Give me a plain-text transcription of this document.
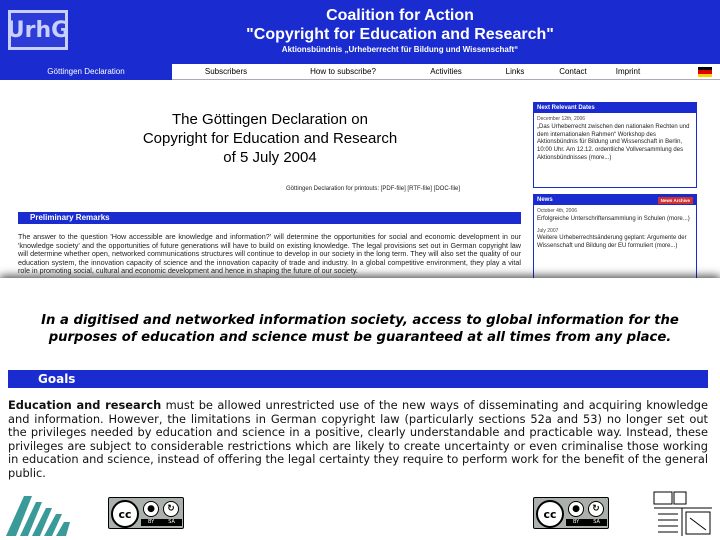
UrhG
Coalition for Action
"Copyright for Education and Research"
Aktionsbündnis „Urheberrecht für Bildung und Wissenschaft“
Göttingen Declaration	Subscribers	How to subscribe?	Activities	Links	Contact	Imprint
The Göttingen Declaration on
Copyright for Education and Research
of 5 July 2004
Göttingen Declaration for printouts: [PDF-file] [RTF-file] [DOC-file]
Preliminary Remarks
The answer to the question 'How accessible are knowledge and information?' will determine the opportunities for social and economic development in our 'knowledge society' and the opportunities of future generations will have to build on existing knowledge. The legal provisions set out in German copyright law will determine whether open, networked communications structures will continue to develop in our society in the long term. They will also set the quality of our education system, the innovation capacity of science and the innovation capacity of trade and industry. In a global competitive environment, they play a vital role in promoting social, cultural and economic development and hence in shaping the future of our society.
Next Relevant Dates
December 12th, 2006
„Das Urheberrecht zwischen den nationalen Rechten und dem internationalen Rahmen“ Workshop des Aktionsbündnis für Bildung und Wissenschaft in Berlin, 10:00 Uhr. Am 12.12. ordentliche Vollversammlung des Aktionsbündnisses (more...)
News	News Archive
October 4th, 2006
Erfolgreiche Unterschriftensammlung in Schulen (more...)
July 2007
Weitere Urheberrechtsänderung geplant: Argumente der Wissenschaft und Bildung der EU formuliert (more...)
In a digitised and networked information society, access to global information for the
purposes of education and science must be guaranteed at all times from any place.
Goals
Education and research must be allowed unrestricted use of the new ways of disseminating and acquiring knowledge and information. However, the limitations in German copyright law (particularly sections 52a and 53) no longer set out the privileges needed by education and science in a positive, clearly understandable and practicable way. Instead, these privileges are subject to considerable restrictions which are likely to create uncertainty or even criminalise those working in education and science, instead of offering the legal certainty they require to perform work for the benefit of the general public.
cc	●	↻
BY	SA
cc	●	↻
BY	SA
